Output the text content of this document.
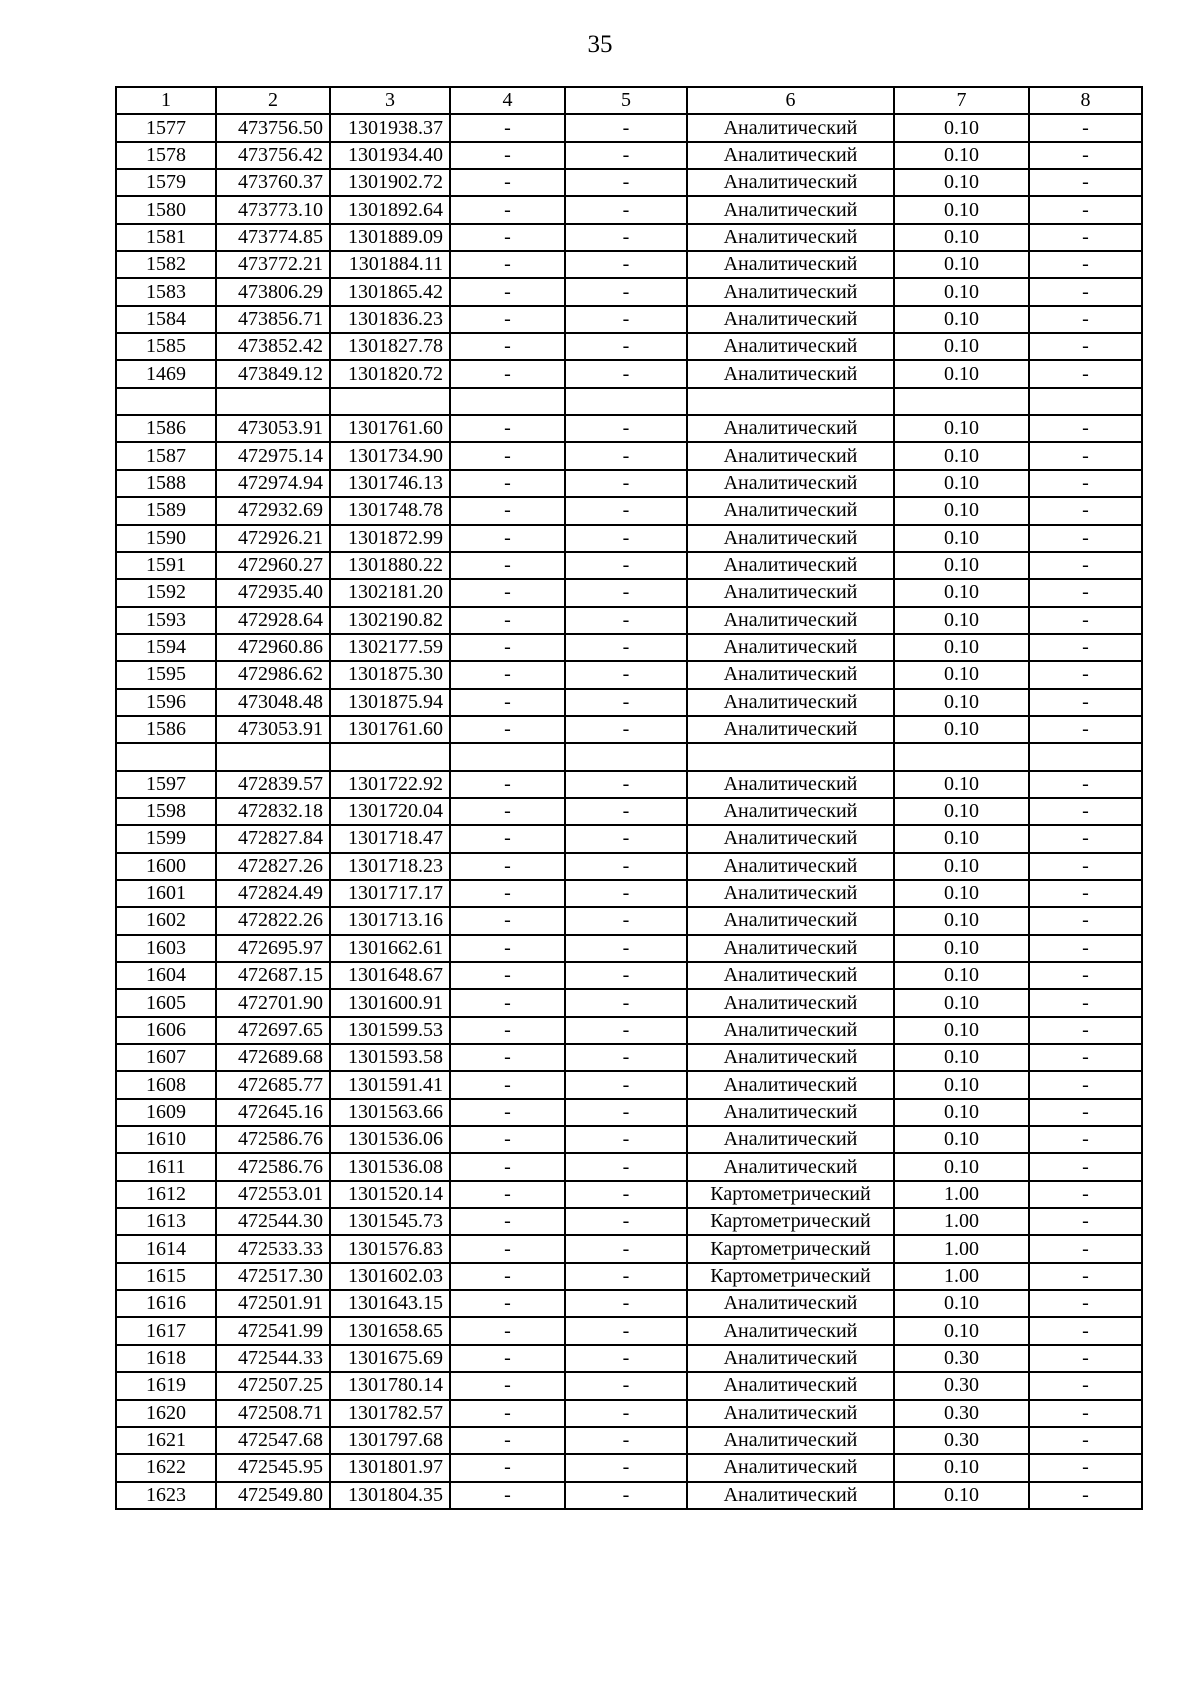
35
1	2	3	4	5	6	7	8
1577	473756.50	1301938.37	-	-	Аналитический	0.10	-
1578	473756.42	1301934.40	-	-	Аналитический	0.10	-
1579	473760.37	1301902.72	-	-	Аналитический	0.10	-
1580	473773.10	1301892.64	-	-	Аналитический	0.10	-
1581	473774.85	1301889.09	-	-	Аналитический	0.10	-
1582	473772.21	1301884.11	-	-	Аналитический	0.10	-
1583	473806.29	1301865.42	-	-	Аналитический	0.10	-
1584	473856.71	1301836.23	-	-	Аналитический	0.10	-
1585	473852.42	1301827.78	-	-	Аналитический	0.10	-
1469	473849.12	1301820.72	-	-	Аналитический	0.10	-

1586	473053.91	1301761.60	-	-	Аналитический	0.10	-
1587	472975.14	1301734.90	-	-	Аналитический	0.10	-
1588	472974.94	1301746.13	-	-	Аналитический	0.10	-
1589	472932.69	1301748.78	-	-	Аналитический	0.10	-
1590	472926.21	1301872.99	-	-	Аналитический	0.10	-
1591	472960.27	1301880.22	-	-	Аналитический	0.10	-
1592	472935.40	1302181.20	-	-	Аналитический	0.10	-
1593	472928.64	1302190.82	-	-	Аналитический	0.10	-
1594	472960.86	1302177.59	-	-	Аналитический	0.10	-
1595	472986.62	1301875.30	-	-	Аналитический	0.10	-
1596	473048.48	1301875.94	-	-	Аналитический	0.10	-
1586	473053.91	1301761.60	-	-	Аналитический	0.10	-

1597	472839.57	1301722.92	-	-	Аналитический	0.10	-
1598	472832.18	1301720.04	-	-	Аналитический	0.10	-
1599	472827.84	1301718.47	-	-	Аналитический	0.10	-
1600	472827.26	1301718.23	-	-	Аналитический	0.10	-
1601	472824.49	1301717.17	-	-	Аналитический	0.10	-
1602	472822.26	1301713.16	-	-	Аналитический	0.10	-
1603	472695.97	1301662.61	-	-	Аналитический	0.10	-
1604	472687.15	1301648.67	-	-	Аналитический	0.10	-
1605	472701.90	1301600.91	-	-	Аналитический	0.10	-
1606	472697.65	1301599.53	-	-	Аналитический	0.10	-
1607	472689.68	1301593.58	-	-	Аналитический	0.10	-
1608	472685.77	1301591.41	-	-	Аналитический	0.10	-
1609	472645.16	1301563.66	-	-	Аналитический	0.10	-
1610	472586.76	1301536.06	-	-	Аналитический	0.10	-
1611	472586.76	1301536.08	-	-	Аналитический	0.10	-
1612	472553.01	1301520.14	-	-	Картометрический	1.00	-
1613	472544.30	1301545.73	-	-	Картометрический	1.00	-
1614	472533.33	1301576.83	-	-	Картометрический	1.00	-
1615	472517.30	1301602.03	-	-	Картометрический	1.00	-
1616	472501.91	1301643.15	-	-	Аналитический	0.10	-
1617	472541.99	1301658.65	-	-	Аналитический	0.10	-
1618	472544.33	1301675.69	-	-	Аналитический	0.30	-
1619	472507.25	1301780.14	-	-	Аналитический	0.30	-
1620	472508.71	1301782.57	-	-	Аналитический	0.30	-
1621	472547.68	1301797.68	-	-	Аналитический	0.30	-
1622	472545.95	1301801.97	-	-	Аналитический	0.10	-
1623	472549.80	1301804.35	-	-	Аналитический	0.10	-
